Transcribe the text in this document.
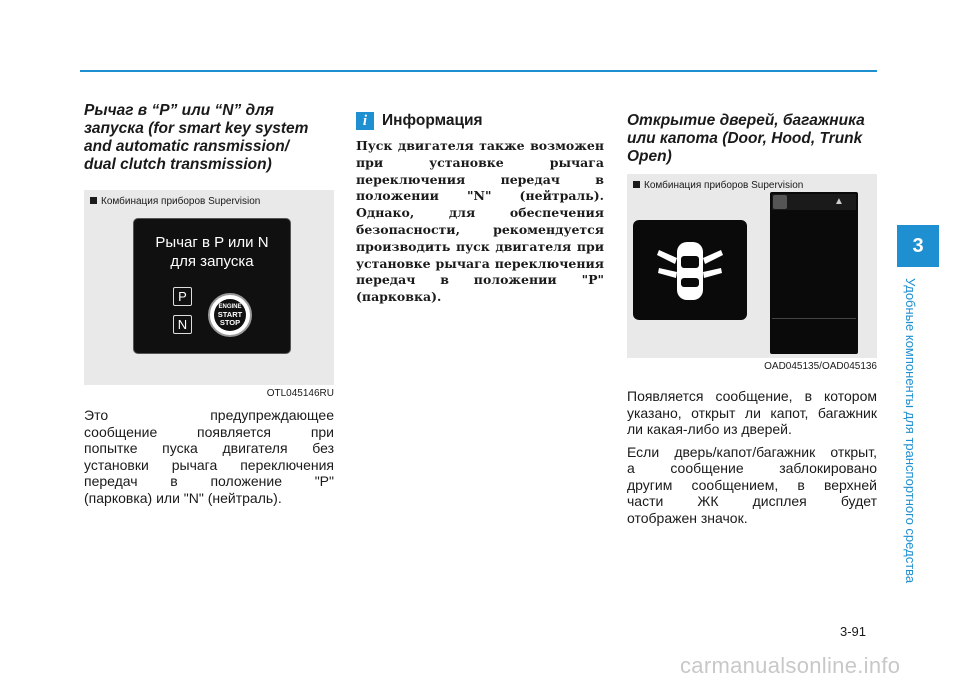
Рычаг в “P” или “N” для
запуска (for smart key system
and automatic ransmission/
dual clutch transmission)
Комбинация приборов Supervision
Рычаг в P или N
для запуска
P
N
ENGINE
START
STOP
OTL045146RU
Это предупреждающее
сообщение появляется при
попытке пуска двигателя без
установки рычага переключения
передач в положение "P"
(парковка) или "N" (нейтраль).
i Информация
Пуск двигателя также возможен
при установке рычага
переключения передач в
положении "N" (нейтраль).
Однако, для обеспечения
безопасности, рекомендуется
производить пуск двигателя при
установке рычага переключения
передач в положении "P"
(парковка).
Открытие дверей, багажника
или капота (Door, Hood, Trunk
Open)
Комбинация приборов Supervision
▲
OAD045135/OAD045136
Появляется сообщение, в котором
указано, открыт ли капот, багажник
ли какая-либо из дверей.
Если дверь/капот/багажник открыт,
а сообщение заблокировано
другим сообщением, в верхней
части ЖК дисплея будет
отображен значок.
3
Удобные компоненты для транспортного средства
3-91
carmanualsonline.info
